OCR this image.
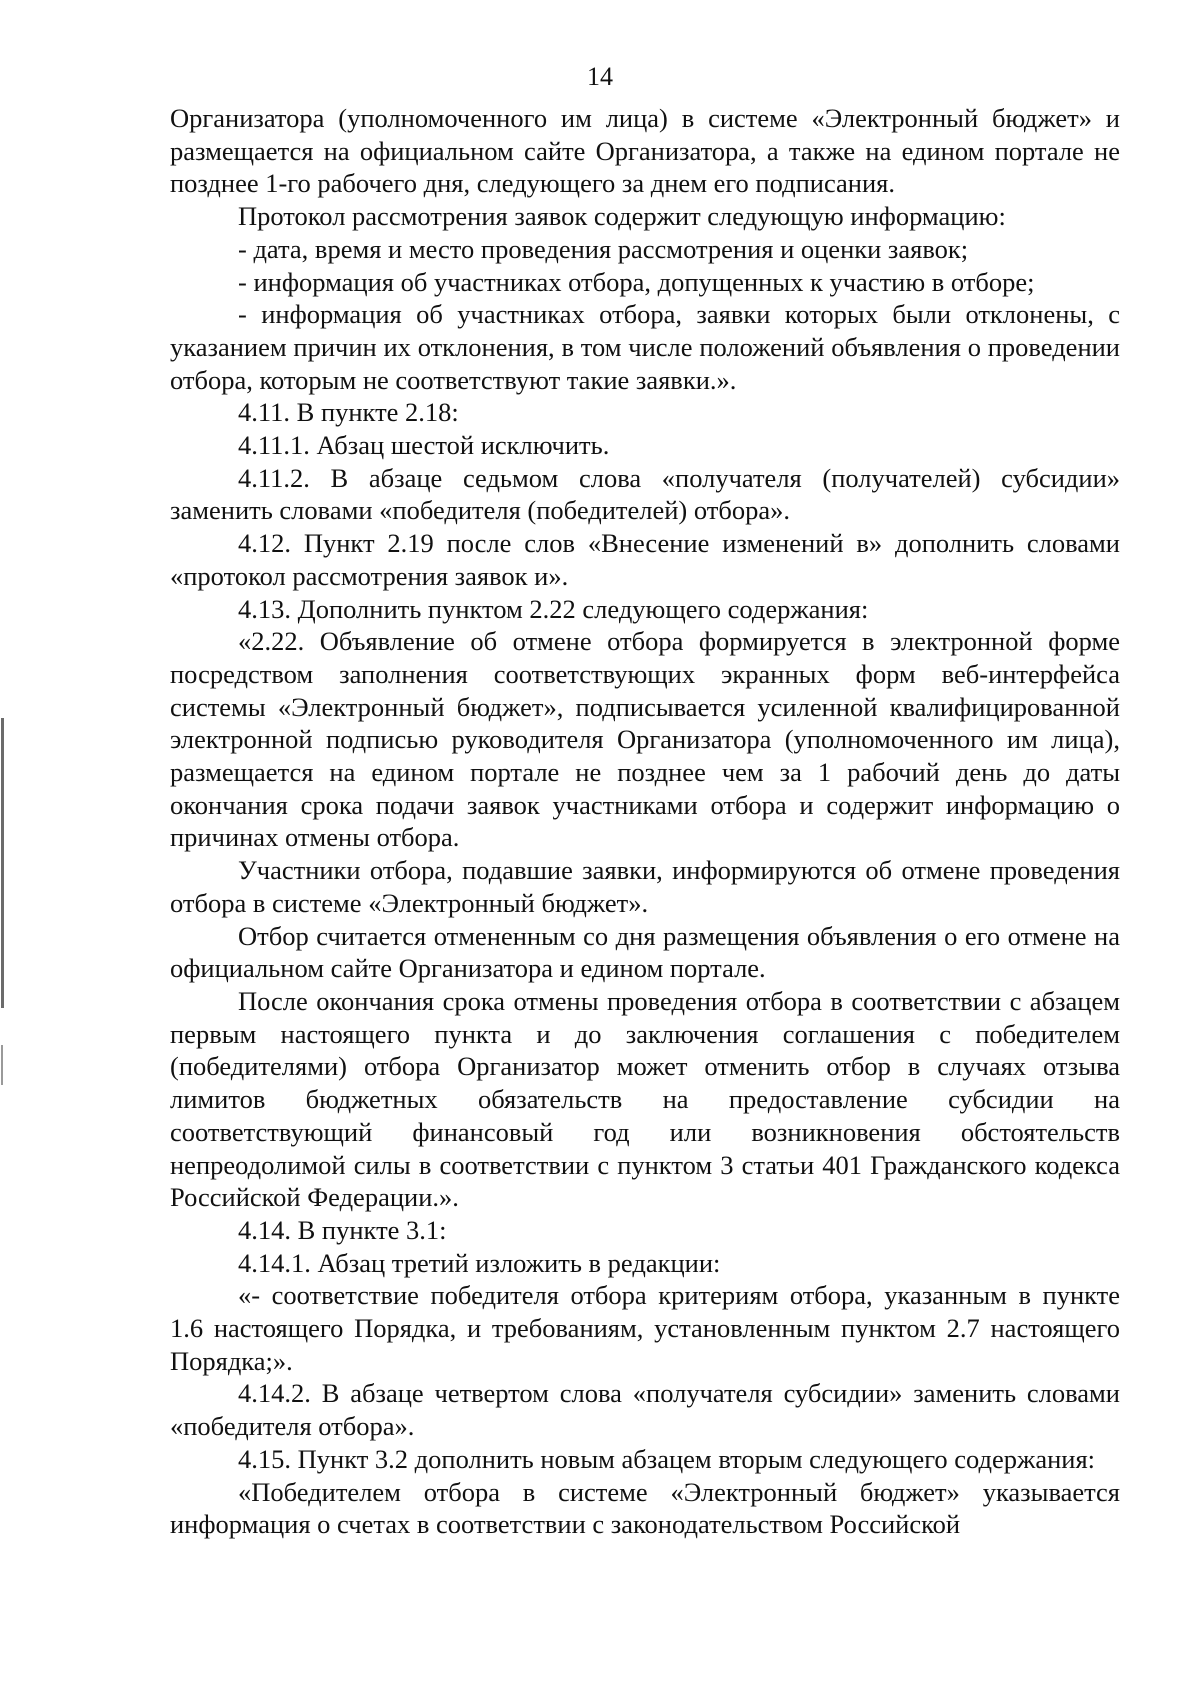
14

Организатора (уполномоченного им лица) в системе «Электронный бюджет» и размещается на официальном сайте Организатора, а также на едином портале не позднее 1-го рабочего дня, следующего за днем его подписания.

Протокол рассмотрения заявок содержит следующую информацию:

- дата, время и место проведения рассмотрения и оценки заявок;

- информация об участниках отбора, допущенных к участию в отборе;

- информация об участниках отбора, заявки которых были отклонены, с указанием причин их отклонения, в том числе положений объявления о проведении отбора, которым не соответствуют такие заявки.».

4.11. В пункте 2.18:

4.11.1. Абзац шестой исключить.

4.11.2. В абзаце седьмом слова «получателя (получателей) субсидии» заменить словами «победителя (победителей) отбора».

4.12. Пункт 2.19 после слов «Внесение изменений в» дополнить словами «протокол рассмотрения заявок и».

4.13. Дополнить пунктом 2.22 следующего содержания:

«2.22. Объявление об отмене отбора формируется в электронной форме посредством заполнения соответствующих экранных форм веб-интерфейса системы «Электронный бюджет», подписывается усиленной квалифицированной электронной подписью руководителя Организатора (уполномоченного им лица), размещается на едином портале не позднее чем за 1 рабочий день до даты окончания срока подачи заявок участниками отбора и содержит информацию о причинах отмены отбора.

Участники отбора, подавшие заявки, информируются об отмене проведения отбора в системе «Электронный бюджет».

Отбор считается отмененным со дня размещения объявления о его отмене на официальном сайте Организатора и едином портале.

После окончания срока отмены проведения отбора в соответствии с абзацем первым настоящего пункта и до заключения соглашения с победителем (победителями) отбора Организатор может отменить отбор в случаях отзыва лимитов бюджетных обязательств на предоставление субсидии на соответствующий финансовый год или возникновения обстоятельств непреодолимой силы в соответствии с пунктом 3 статьи 401 Гражданского кодекса Российской Федерации.».

4.14. В пункте 3.1:

4.14.1. Абзац третий изложить в редакции:

«- соответствие победителя отбора критериям отбора, указанным в пункте 1.6 настоящего Порядка, и требованиям, установленным пунктом 2.7 настоящего Порядка;».

4.14.2. В абзаце четвертом слова «получателя субсидии» заменить словами «победителя отбора».

4.15. Пункт 3.2 дополнить новым абзацем вторым следующего содержания:

«Победителем отбора в системе «Электронный бюджет» указывается информация о счетах в соответствии с законодательством Российской
